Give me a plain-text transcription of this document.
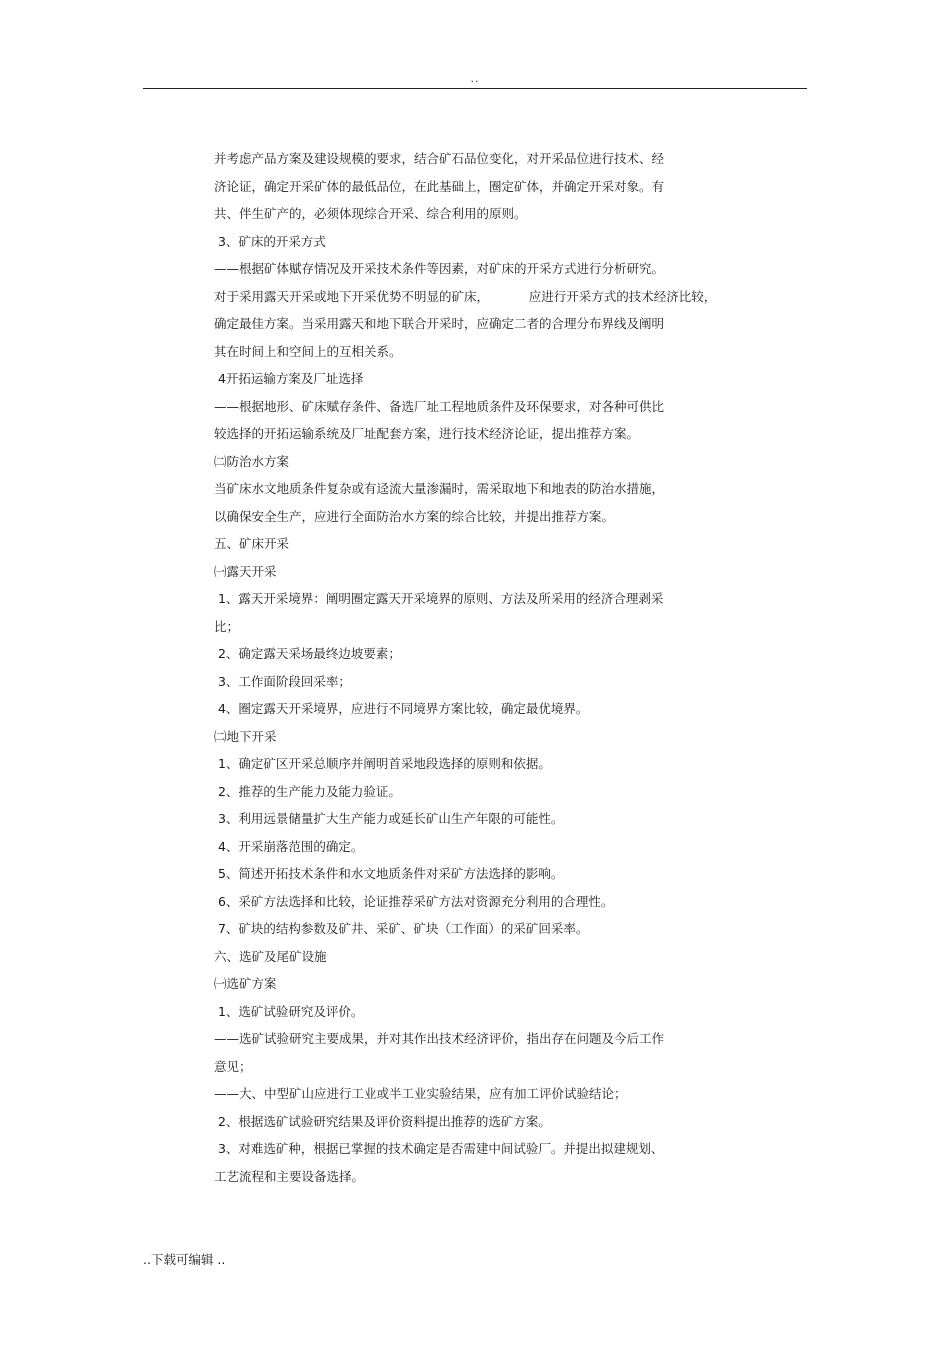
..
并考虑产品方案及建设规模的要求，结合矿石品位变化，对开采品位进行技术、经
济论证，确定开采矿体的最低品位，在此基础上，圈定矿体，并确定开采对象。有
共、伴生矿产的，必须体现综合开采、综合利用的原则。
3、矿床的开采方式
——根据矿体赋存情况及开采技术条件等因素，对矿床的开采方式进行分析研究。
对于采用露天开采或地下开采优势不明显的矿床，          应进行开采方式的技术经济比较，
确定最佳方案。当采用露天和地下联合开采时，应确定二者的合理分布界线及阐明
其在时间上和空间上的互相关系。
4开拓运输方案及厂址选择
——根据地形、矿床赋存条件、备选厂址工程地质条件及环保要求，对各种可供比
较选择的开拓运输系统及厂址配套方案，进行技术经济论证，提出推荐方案。
㈡防治水方案
当矿床水文地质条件复杂或有迳流大量渗漏时，需采取地下和地表的防治水措施，
以确保安全生产，应进行全面防治水方案的综合比较，并提出推荐方案。
五、矿床开采
㈠露天开采
1、露天开采境界：阐明圈定露天开采境界的原则、方法及所采用的经济合理剥采
比；
2、确定露天采场最终边坡要素；
3、工作面阶段回采率；
4、圈定露天开采境界，应进行不同境界方案比较，确定最优境界。
㈡地下开采
1、确定矿区开采总顺序并阐明首采地段选择的原则和依据。
2、推荐的生产能力及能力验证。
3、利用远景储量扩大生产能力或延长矿山生产年限的可能性。
4、开采崩落范围的确定。
5、简述开拓技术条件和水文地质条件对采矿方法选择的影响。
6、采矿方法选择和比较，论证推荐采矿方法对资源充分利用的合理性。
7、矿块的结构参数及矿井、采矿、矿块（工作面）的采矿回采率。
六、选矿及尾矿设施
㈠选矿方案
1、选矿试验研究及评价。
——选矿试验研究主要成果，并对其作出技术经济评价，指出存在问题及今后工作
意见；
——大、中型矿山应进行工业或半工业实验结果，应有加工评价试验结论；
2、根据选矿试验研究结果及评价资料提出推荐的选矿方案。
3、对难选矿种，根据已掌握的技术确定是否需建中间试验厂。并提出拟建规划、
工艺流程和主要设备选择。
..下载可编辑 ..
